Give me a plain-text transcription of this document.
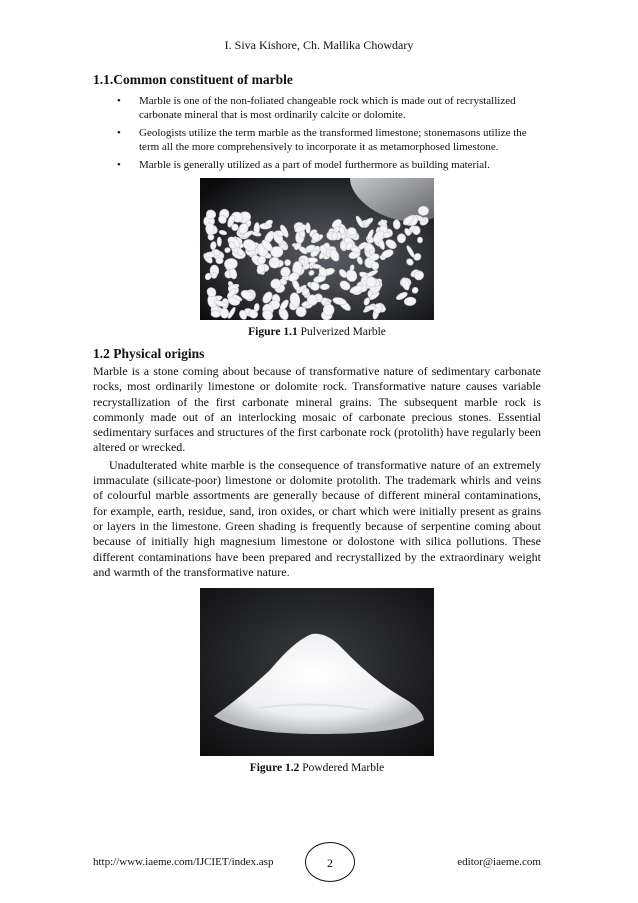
I. Siva Kishore, Ch. Mallika Chowdary
1.1.Common constituent of marble
• Marble is one of the non-foliated changeable rock which is made out of recrystallized carbonate mineral that is most ordinarily calcite or dolomite.
• Geologists utilize the term marble as the transformed limestone; stonemasons utilize the term all the more comprehensively to incorporate it as metamorphosed limestone.
• Marble is generally utilized as a part of model furthermore as building material.
Figure 1.1 Pulverized Marble
1.2 Physical origins

Marble is a stone coming about because of transformative nature of sedimentary carbonate rocks, most ordinarily limestone or dolomite rock. Transformative nature causes variable recrystallization of the first carbonate mineral grains. The subsequent marble rock is commonly made out of an interlocking mosaic of carbonate precious stones. Essential sedimentary surfaces and structures of the first carbonate rock (protolith) have regularly been altered or wrecked.

Unadulterated white marble is the consequence of transformative nature of an extremely immaculate (silicate-poor) limestone or dolomite protolith. The trademark whirls and veins of colourful marble assortments are generally because of different mineral contaminations, for example, earth, residue, sand, iron oxides, or chart which were initially present as grains or layers in the limestone. Green shading is frequently because of serpentine coming about because of initially high magnesium limestone or dolostone with silica pollutions. These different contaminations have been prepared and recrystallized by the extraordinary weight and warmth of the transformative nature.

Figure 1.2 Powdered Marble
http://www.iaeme.com/IJCIET/index.asp	2	editor@iaeme.com
